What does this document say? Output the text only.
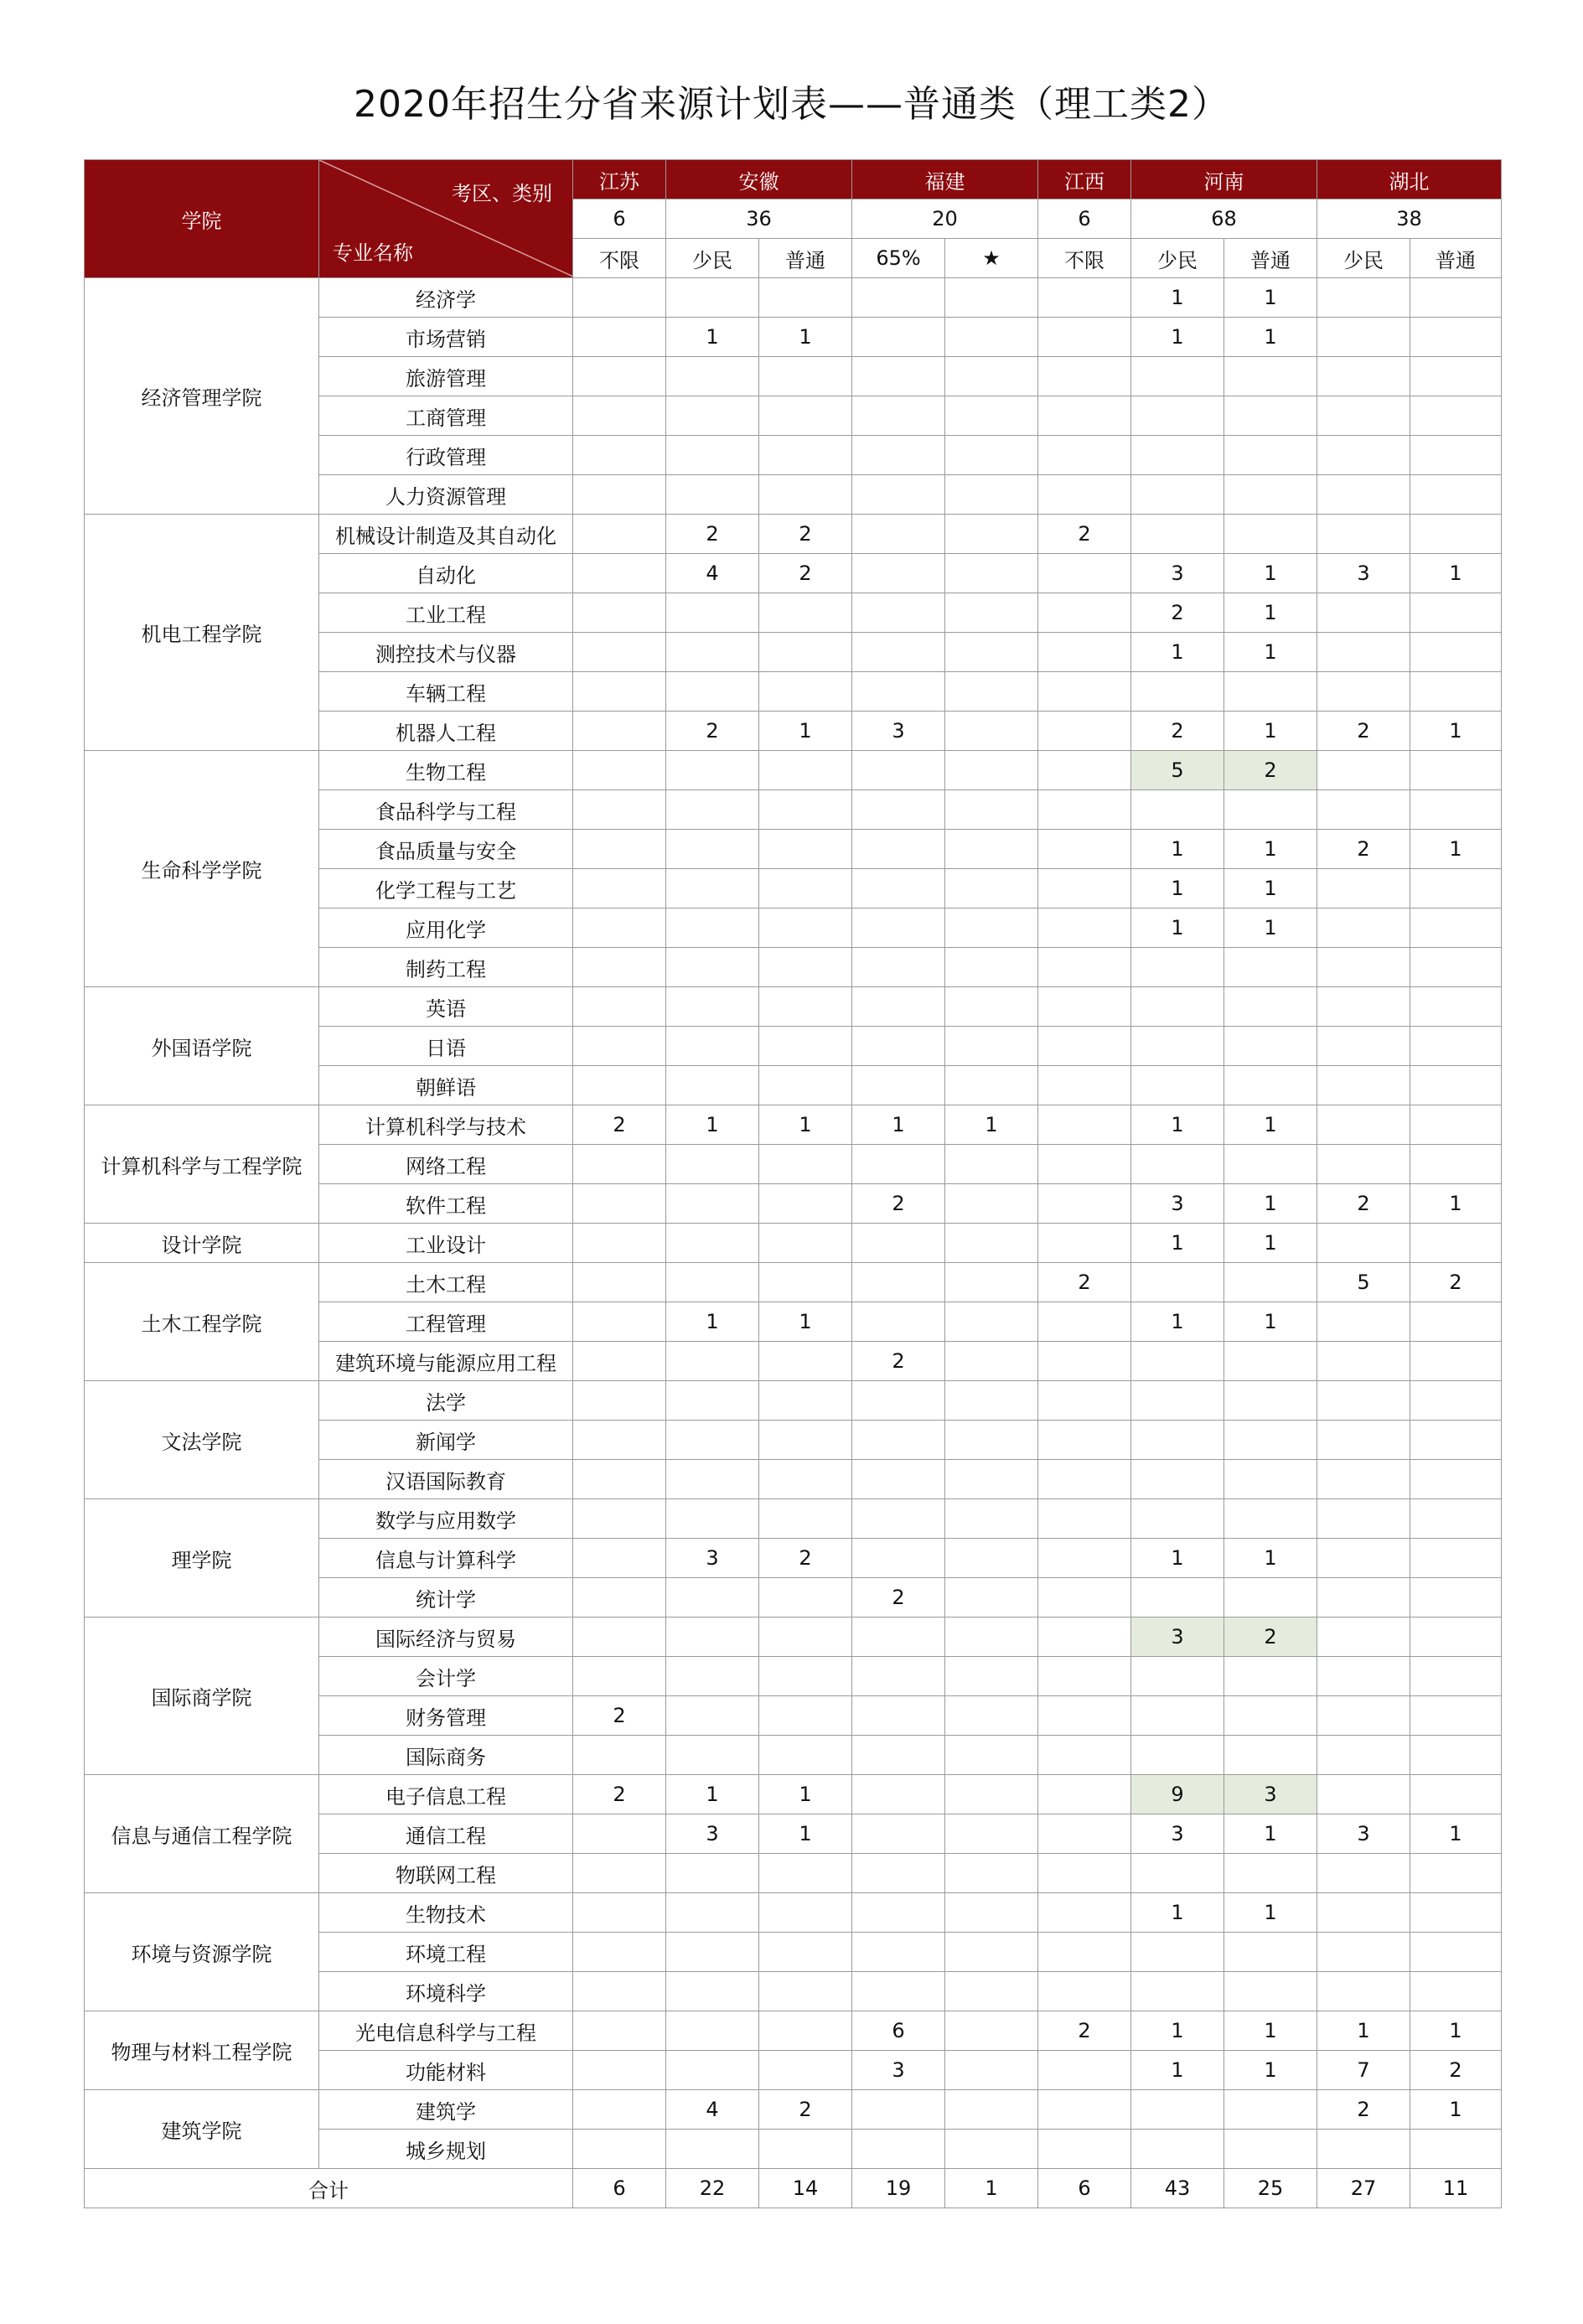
2020年招生分省来源计划表——普通类（理工类2）
学院	考区、类别
专业名称	江苏	安徽		福建		江西	河南		湖北	
		6	36		20		6	68		38	
		不限	少民	普通	65%	★	不限	少民	普通	少民	普通
经济管理学院	经济学							1	1		
	市场营销		1	1				1	1		
	旅游管理										
	工商管理										
	行政管理										
	人力资源管理										
机电工程学院	机械设计制造及其自动化		2	2			2				
	自动化		4	2				3	1	3	1
	工业工程							2	1		
	测控技术与仪器							1	1		
	车辆工程										
	机器人工程		2	1	3			2	1	2	1
生命科学学院	生物工程							5	2		
	食品科学与工程										
	食品质量与安全							1	1	2	1
	化学工程与工艺							1	1		
	应用化学							1	1		
	制药工程										
外国语学院	英语										
	日语										
	朝鲜语										
计算机科学与工程学院	计算机科学与技术	2	1	1	1	1		1	1		
	网络工程										
	软件工程				2			3	1	2	1
设计学院	工业设计							1	1		
土木工程学院	土木工程						2			5	2
	工程管理		1	1				1	1		
	建筑环境与能源应用工程				2						
文法学院	法学										
	新闻学										
	汉语国际教育										
理学院	数学与应用数学										
	信息与计算科学		3	2				1	1		
	统计学				2						
国际商学院	国际经济与贸易							3	2		
	会计学										
	财务管理	2									
	国际商务										
信息与通信工程学院	电子信息工程	2	1	1				9	3		
	通信工程		3	1				3	1	3	1
	物联网工程										
环境与资源学院	生物技术							1	1		
	环境工程										
	环境科学										
物理与材料工程学院	光电信息科学与工程				6		2	1	1	1	1
	功能材料				3			1	1	7	2
建筑学院	建筑学		4	2						2	1
	城乡规划										
合计		6	22	14	19	1	6	43	25	27	11
